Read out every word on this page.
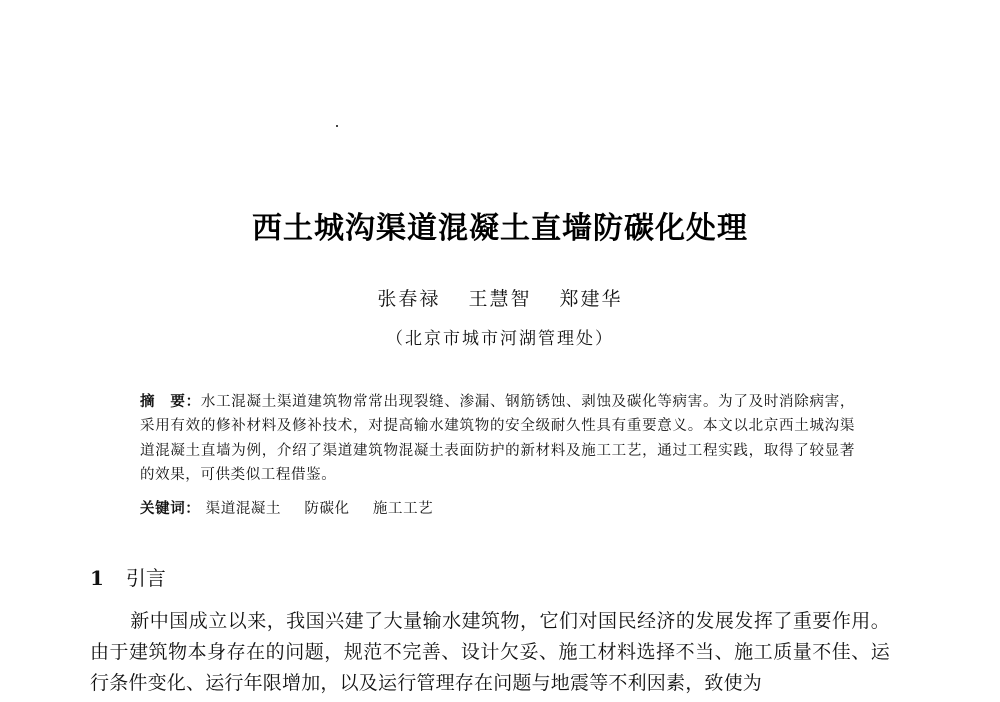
西土城沟渠道混凝土直墙防碳化处理
张春禄 王慧智 郑建华
（北京市城市河湖管理处）
摘　要：水工混凝土渠道建筑物常常出现裂缝、渗漏、钢筋锈蚀、剥蚀及碳化等病害。为了及时消除病害，采用有效的修补材料及修补技术，对提高输水建筑物的安全级耐久性具有重要意义。本文以北京西土城沟渠道混凝土直墙为例，介绍了渠道建筑物混凝土表面防护的新材料及施工工艺，通过工程实践，取得了较显著的效果，可供类似工程借鉴。
关键词： 渠道混凝土 防碳化 施工工艺
1 引言
新中国成立以来，我国兴建了大量输水建筑物，它们对国民经济的发展发挥了重要作用。由于建筑物本身存在的问题，规范不完善、设计欠妥、施工材料选择不当、施工质量不佳、运行条件变化、运行年限增加，以及运行管理存在问题与地震等不利因素，致使为
